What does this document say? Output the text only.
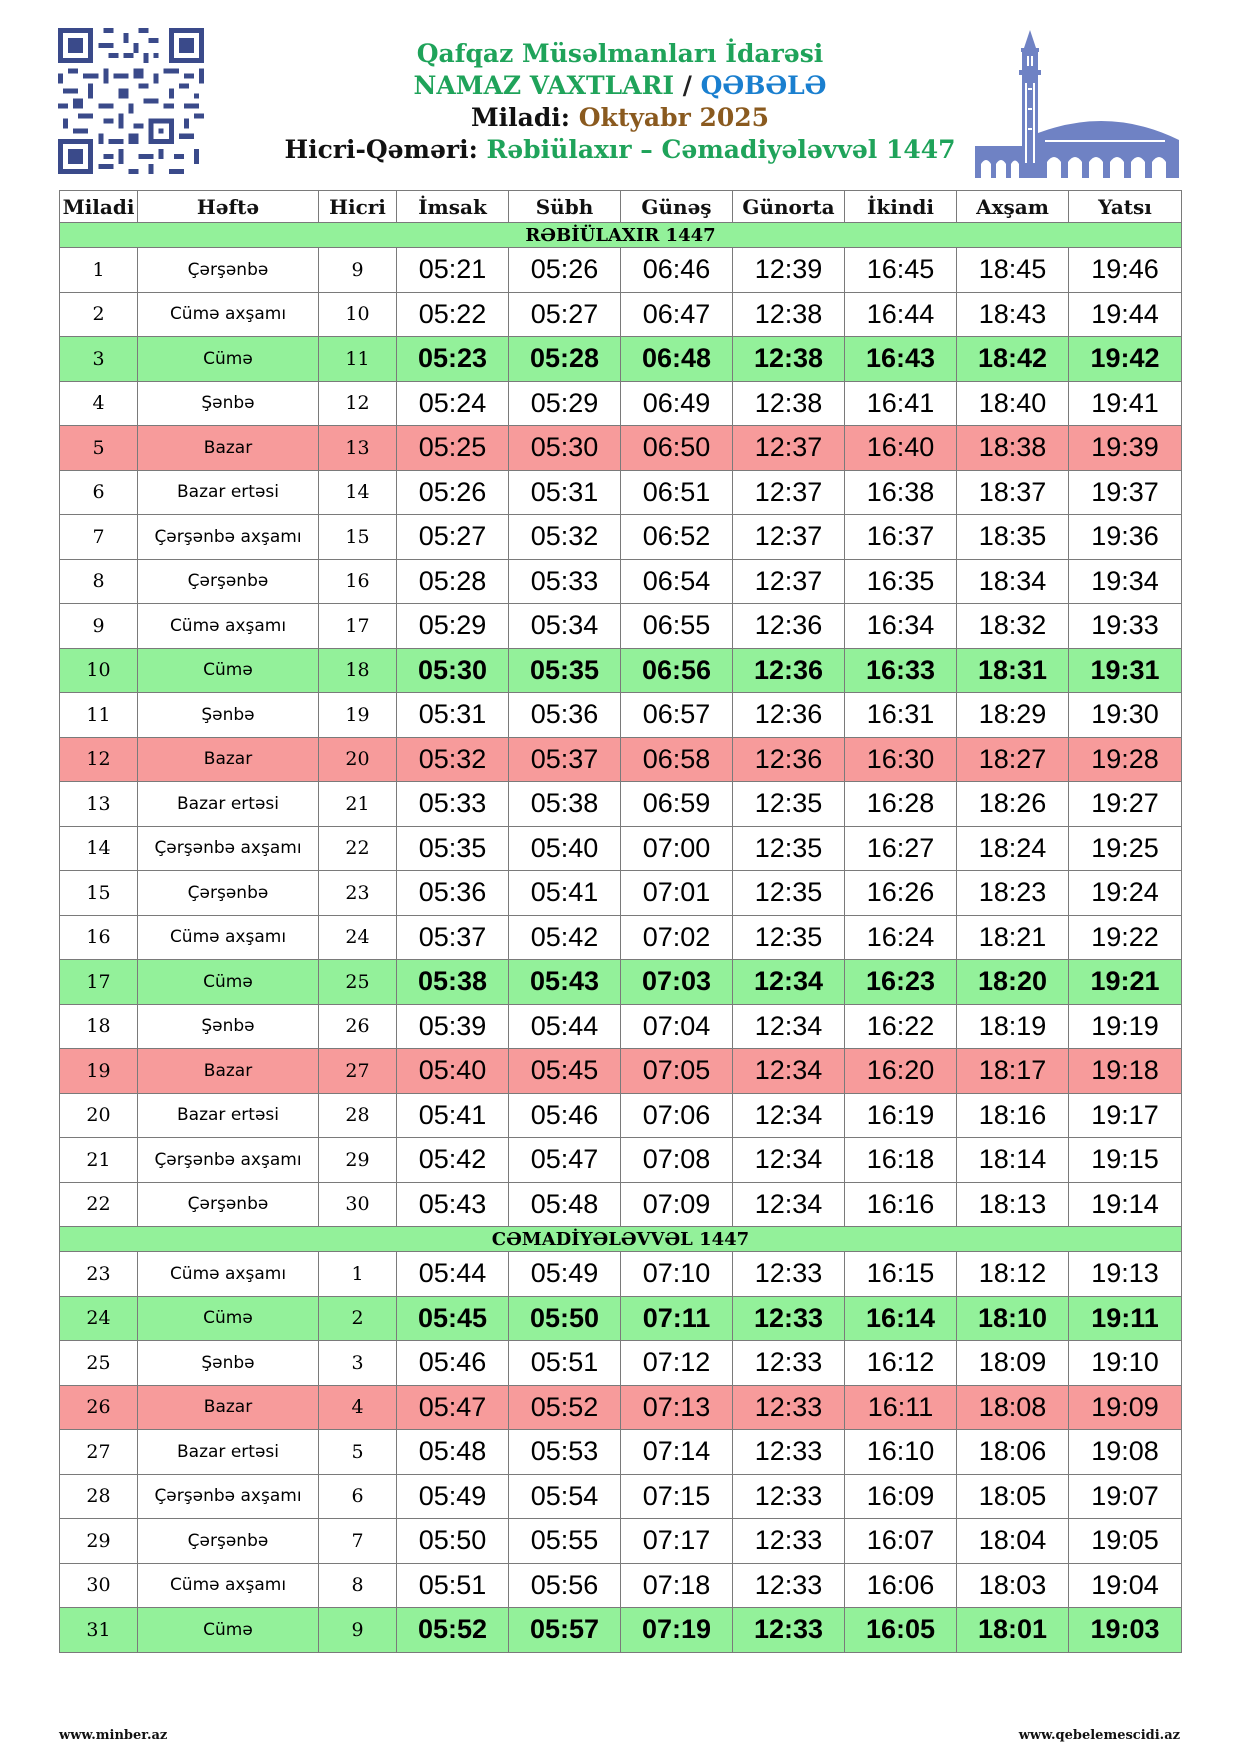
Qafqaz Müsəlmanları İdarəsi
NAMAZ VAXTLARI / QƏBƏLƏ
Miladi: Oktyabr 2025
Hicri-Qəməri: Rəbiülaxır – Cəmadiyələvvəl 1447
Miladi	Həftə	Hicri	İmsak	Sübh	Günəş	Günorta	İkindi	Axşam	Yatsı
RƏBİÜLAXIR 1447									
1	Çərşənbə	9	05:21	05:26	06:46	12:39	16:45	18:45	19:46
2	Cümə axşamı	10	05:22	05:27	06:47	12:38	16:44	18:43	19:44
3	Cümə	11	05:23	05:28	06:48	12:38	16:43	18:42	19:42
4	Şənbə	12	05:24	05:29	06:49	12:38	16:41	18:40	19:41
5	Bazar	13	05:25	05:30	06:50	12:37	16:40	18:38	19:39
6	Bazar ertəsi	14	05:26	05:31	06:51	12:37	16:38	18:37	19:37
7	Çərşənbə axşamı	15	05:27	05:32	06:52	12:37	16:37	18:35	19:36
8	Çərşənbə	16	05:28	05:33	06:54	12:37	16:35	18:34	19:34
9	Cümə axşamı	17	05:29	05:34	06:55	12:36	16:34	18:32	19:33
10	Cümə	18	05:30	05:35	06:56	12:36	16:33	18:31	19:31
11	Şənbə	19	05:31	05:36	06:57	12:36	16:31	18:29	19:30
12	Bazar	20	05:32	05:37	06:58	12:36	16:30	18:27	19:28
13	Bazar ertəsi	21	05:33	05:38	06:59	12:35	16:28	18:26	19:27
14	Çərşənbə axşamı	22	05:35	05:40	07:00	12:35	16:27	18:24	19:25
15	Çərşənbə	23	05:36	05:41	07:01	12:35	16:26	18:23	19:24
16	Cümə axşamı	24	05:37	05:42	07:02	12:35	16:24	18:21	19:22
17	Cümə	25	05:38	05:43	07:03	12:34	16:23	18:20	19:21
18	Şənbə	26	05:39	05:44	07:04	12:34	16:22	18:19	19:19
19	Bazar	27	05:40	05:45	07:05	12:34	16:20	18:17	19:18
20	Bazar ertəsi	28	05:41	05:46	07:06	12:34	16:19	18:16	19:17
21	Çərşənbə axşamı	29	05:42	05:47	07:08	12:34	16:18	18:14	19:15
22	Çərşənbə	30	05:43	05:48	07:09	12:34	16:16	18:13	19:14
CƏMADİYƏLƏVVƏL 1447									
23	Cümə axşamı	1	05:44	05:49	07:10	12:33	16:15	18:12	19:13
24	Cümə	2	05:45	05:50	07:11	12:33	16:14	18:10	19:11
25	Şənbə	3	05:46	05:51	07:12	12:33	16:12	18:09	19:10
26	Bazar	4	05:47	05:52	07:13	12:33	16:11	18:08	19:09
27	Bazar ertəsi	5	05:48	05:53	07:14	12:33	16:10	18:06	19:08
28	Çərşənbə axşamı	6	05:49	05:54	07:15	12:33	16:09	18:05	19:07
29	Çərşənbə	7	05:50	05:55	07:17	12:33	16:07	18:04	19:05
30	Cümə axşamı	8	05:51	05:56	07:18	12:33	16:06	18:03	19:04
31	Cümə	9	05:52	05:57	07:19	12:33	16:05	18:01	19:03
www.minber.az	www.qebelemescidi.az
